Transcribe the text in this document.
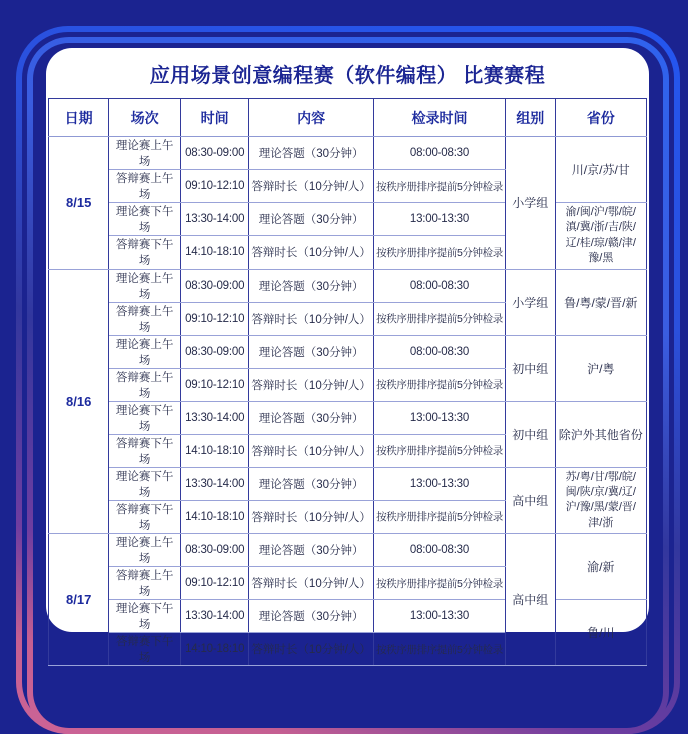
应用场景创意编程赛（软件编程） 比赛赛程
日期	场次	时间	内容	检录时间	组别	省份
8/15	理论赛上午场	08:30-09:00	理论答题（30分钟）	08:00-08:30	小学组	川/京/苏/甘
	答辩赛上午场	09:10-12:10	答辩时长（10分钟/人）	按秩序册排序提前5分钟检录		
	理论赛下午场	13:30-14:00	理论答题（30分钟）	13:00-13:30		渝/闽/沪/鄂/皖/滇/冀/浙/吉/陕/辽/桂/琼/赣/津/豫/黑
	答辩赛下午场	14:10-18:10	答辩时长（10分钟/人）	按秩序册排序提前5分钟检录		
8/16	理论赛上午场	08:30-09:00	理论答题（30分钟）	08:00-08:30	小学组	鲁/粤/蒙/晋/新
	答辩赛上午场	09:10-12:10	答辩时长（10分钟/人）	按秩序册排序提前5分钟检录		
	理论赛上午场	08:30-09:00	理论答题（30分钟）	08:00-08:30	初中组	沪/粤
	答辩赛上午场	09:10-12:10	答辩时长（10分钟/人）	按秩序册排序提前5分钟检录		
	理论赛下午场	13:30-14:00	理论答题（30分钟）	13:00-13:30	初中组	除沪外其他省份
	答辩赛下午场	14:10-18:10	答辩时长（10分钟/人）	按秩序册排序提前5分钟检录		
	理论赛下午场	13:30-14:00	理论答题（30分钟）	13:00-13:30	高中组	苏/粤/甘/鄂/皖/闽/陕/京/冀/辽/沪/豫/黑/蒙/晋/津/浙
	答辩赛下午场	14:10-18:10	答辩时长（10分钟/人）	按秩序册排序提前5分钟检录		
8/17	理论赛上午场	08:30-09:00	理论答题（30分钟）	08:00-08:30	高中组	渝/新
	答辩赛上午场	09:10-12:10	答辩时长（10分钟/人）	按秩序册排序提前5分钟检录		
	理论赛下午场	13:30-14:00	理论答题（30分钟）	13:00-13:30		鲁/川
	答辩赛下午场	14:10-18:10	答辩时长（10分钟/人）	按秩序册排序提前5分钟检录		
